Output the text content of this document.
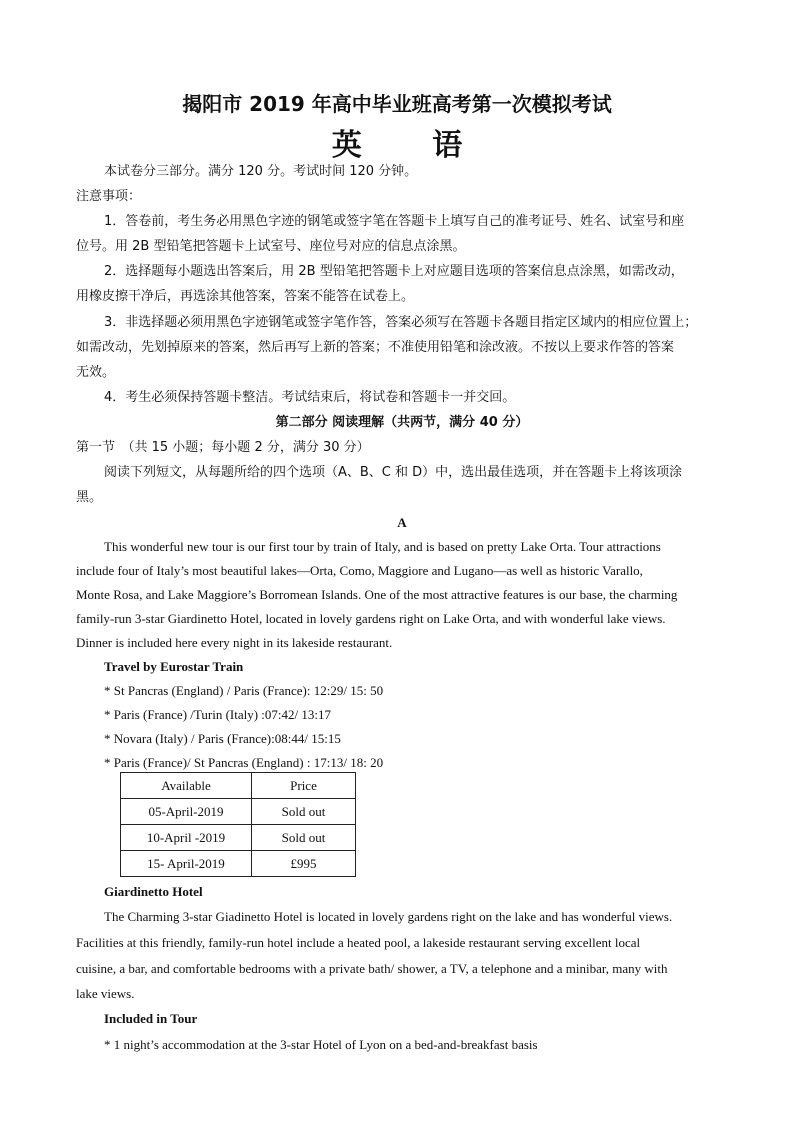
揭阳市 2019 年高中毕业班高考第一次模拟考试
英 语
本试卷分三部分。满分 120 分。考试时间 120 分钟。
注意事项：
1．答卷前，考生务必用黑色字迹的钢笔或签字笔在答题卡上填写自己的准考证号、姓名、试室号和座
位号。用 2B 型铅笔把答题卡上试室号、座位号对应的信息点涂黑。
2．选择题每小题选出答案后，用 2B 型铅笔把答题卡上对应题目选项的答案信息点涂黑，如需改动，
用橡皮擦干净后，再选涂其他答案，答案不能答在试卷上。
3．非选择题必须用黑色字迹钢笔或签字笔作答，答案必须写在答题卡各题目指定区域内的相应位置上；
如需改动，先划掉原来的答案，然后再写上新的答案；不准使用铅笔和涂改液。不按以上要求作答的答案
无效。
4．考生必须保持答题卡整洁。考试结束后，将试卷和答题卡一并交回。
第二部分 阅读理解（共两节，满分 40 分）
第一节　（共 15 小题；每小题 2 分，满分 30 分）
阅读下列短文，从每题所给的四个选项（A、B、C 和 D）中，选出最佳选项，并在答题卡上将该项涂
黑。
A
This wonderful new tour is our first tour by train of Italy, and is based on pretty Lake Orta. Tour attractions
include four of Italy’s most beautiful lakes—Orta, Como, Maggiore and Lugano—as well as historic Varallo,
Monte Rosa, and Lake Maggiore’s Borromean Islands. One of the most attractive features is our base, the charming
family-run 3-star Giardinetto Hotel, located in lovely gardens right on Lake Orta, and with wonderful lake views.
Dinner is included here every night in its lakeside restaurant.
Travel by Eurostar Train
* St Pancras (England) / Paris (France): 12:29/ 15: 50
* Paris (France) /Turin (Italy) :07:42/ 13:17
* Novara (Italy) / Paris (France):08:44/ 15:15
* Paris (France)/ St Pancras (England) : 17:13/ 18: 20
Available	Price
05-April-2019	Sold out
10-April -2019	Sold out
15- April-2019	£995
Giardinetto Hotel
The Charming 3-star Giadinetto Hotel is located in lovely gardens right on the lake and has wonderful views.
Facilities at this friendly, family-run hotel include a heated pool, a lakeside restaurant serving excellent local
cuisine, a bar, and comfortable bedrooms with a private bath/ shower, a TV, a telephone and a minibar, many with
lake views.
Included in Tour
* 1 night’s accommodation at the 3-star Hotel of Lyon on a bed-and-breakfast basis
